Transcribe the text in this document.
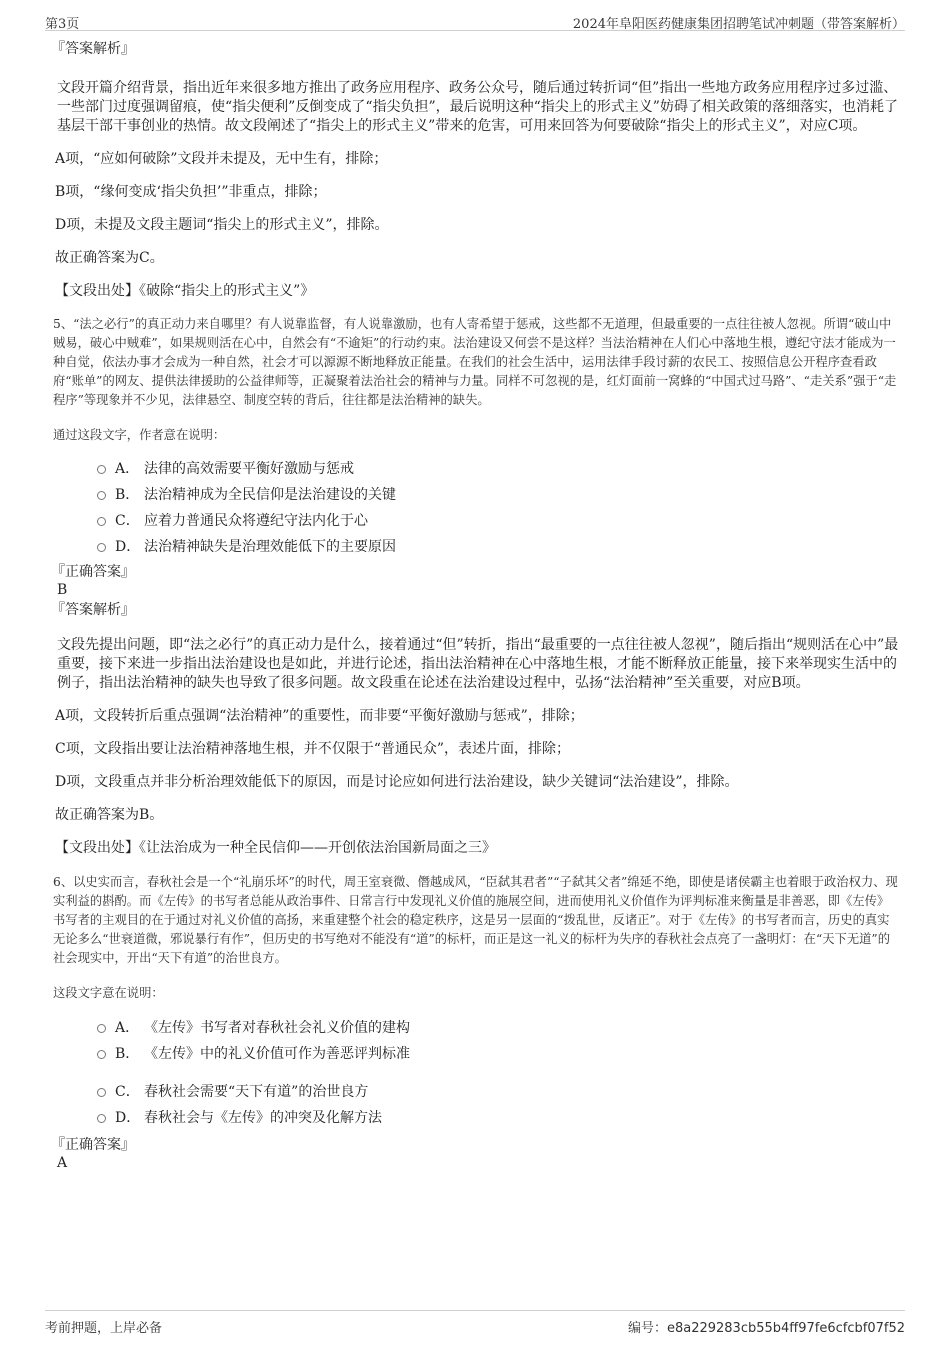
第3页	2024年阜阳医药健康集团招聘笔试冲刺题（带答案解析）
『答案解析』

文段开篇介绍背景，指出近年来很多地方推出了政务应用程序、政务公众号，随后通过转折词“但”指出一些地方政务应用程序过多过滥、一些部门过度强调留痕，使“指尖便利”反倒变成了“指尖负担”，最后说明这种“指尖上的形式主义”妨碍了相关政策的落细落实，也消耗了基层干部干事创业的热情。故文段阐述了“指尖上的形式主义”带来的危害，可用来回答为何要破除“指尖上的形式主义”，对应C项。

A项，“应如何破除”文段并未提及，无中生有，排除；

B项，“缘何变成‘指尖负担’”非重点，排除；

D项，未提及文段主题词“指尖上的形式主义”，排除。

故正确答案为C。

【文段出处】《破除“指尖上的形式主义”》

5、“法之必行”的真正动力来自哪里？有人说靠监督，有人说靠激励，也有人寄希望于惩戒，这些都不无道理，但最重要的一点往往被人忽视。所谓“破山中贼易，破心中贼难”，如果规则活在心中，自然会有“不逾矩”的行动约束。法治建设又何尝不是这样？当法治精神在人们心中落地生根，遵纪守法才能成为一种自觉，依法办事才会成为一种自然，社会才可以源源不断地释放正能量。在我们的社会生活中，运用法律手段讨薪的农民工、按照信息公开程序查看政府“账单”的网友、提供法律援助的公益律师等，正凝聚着法治社会的精神与力量。同样不可忽视的是，红灯面前一窝蜂的“中国式过马路”、“走关系”强于“走程序”等现象并不少见，法律悬空、制度空转的背后，往往都是法治精神的缺失。

通过这段文字，作者意在说明：
A． 法律的高效需要平衡好激励与惩戒
B． 法治精神成为全民信仰是法治建设的关键
C． 应着力普通民众将遵纪守法内化于心
D． 法治精神缺失是治理效能低下的主要原因
『正确答案』
B
『答案解析』

文段先提出问题，即“法之必行”的真正动力是什么，接着通过“但”转折，指出“最重要的一点往往被人忽视”，随后指出“规则活在心中”最重要，接下来进一步指出法治建设也是如此，并进行论述，指出法治精神在心中落地生根，才能不断释放正能量，接下来举现实生活中的例子，指出法治精神的缺失也导致了很多问题。故文段重在论述在法治建设过程中，弘扬“法治精神”至关重要，对应B项。

A项，文段转折后重点强调“法治精神”的重要性，而非要“平衡好激励与惩戒”，排除；

C项，文段指出要让法治精神落地生根，并不仅限于“普通民众”，表述片面，排除；

D项，文段重点并非分析治理效能低下的原因，而是讨论应如何进行法治建设，缺少关键词“法治建设”，排除。

故正确答案为B。

【文段出处】《让法治成为一种全民信仰——开创依法治国新局面之三》

6、以史实而言，春秋社会是一个“礼崩乐坏”的时代，周王室衰微、僭越成风，“臣弑其君者”“子弑其父者”绵延不绝，即使是诸侯霸主也着眼于政治权力、现实利益的斟酌。而《左传》的书写者总能从政治事件、日常言行中发现礼义价值的施展空间，进而使用礼义价值作为评判标准来衡量是非善恶，即《左传》书写者的主观目的在于通过对礼义价值的高扬，来重建整个社会的稳定秩序，这是另一层面的“拨乱世，反诸正”。对于《左传》的书写者而言，历史的真实无论多么“世衰道微，邪说暴行有作”，但历史的书写绝对不能没有“道”的标杆，而正是这一礼义的标杆为失序的春秋社会点亮了一盏明灯：在“天下无道”的社会现实中，开出“天下有道”的治世良方。

这段文字意在说明：
A． 《左传》书写者对春秋社会礼义价值的建构
B． 《左传》中的礼义价值可作为善恶评判标准
C． 春秋社会需要“天下有道”的治世良方
D． 春秋社会与《左传》的冲突及化解方法
『正确答案』
A
考前押题，上岸必备	编号：e8a229283cb55b4ff97fe6cfcbf07f52
